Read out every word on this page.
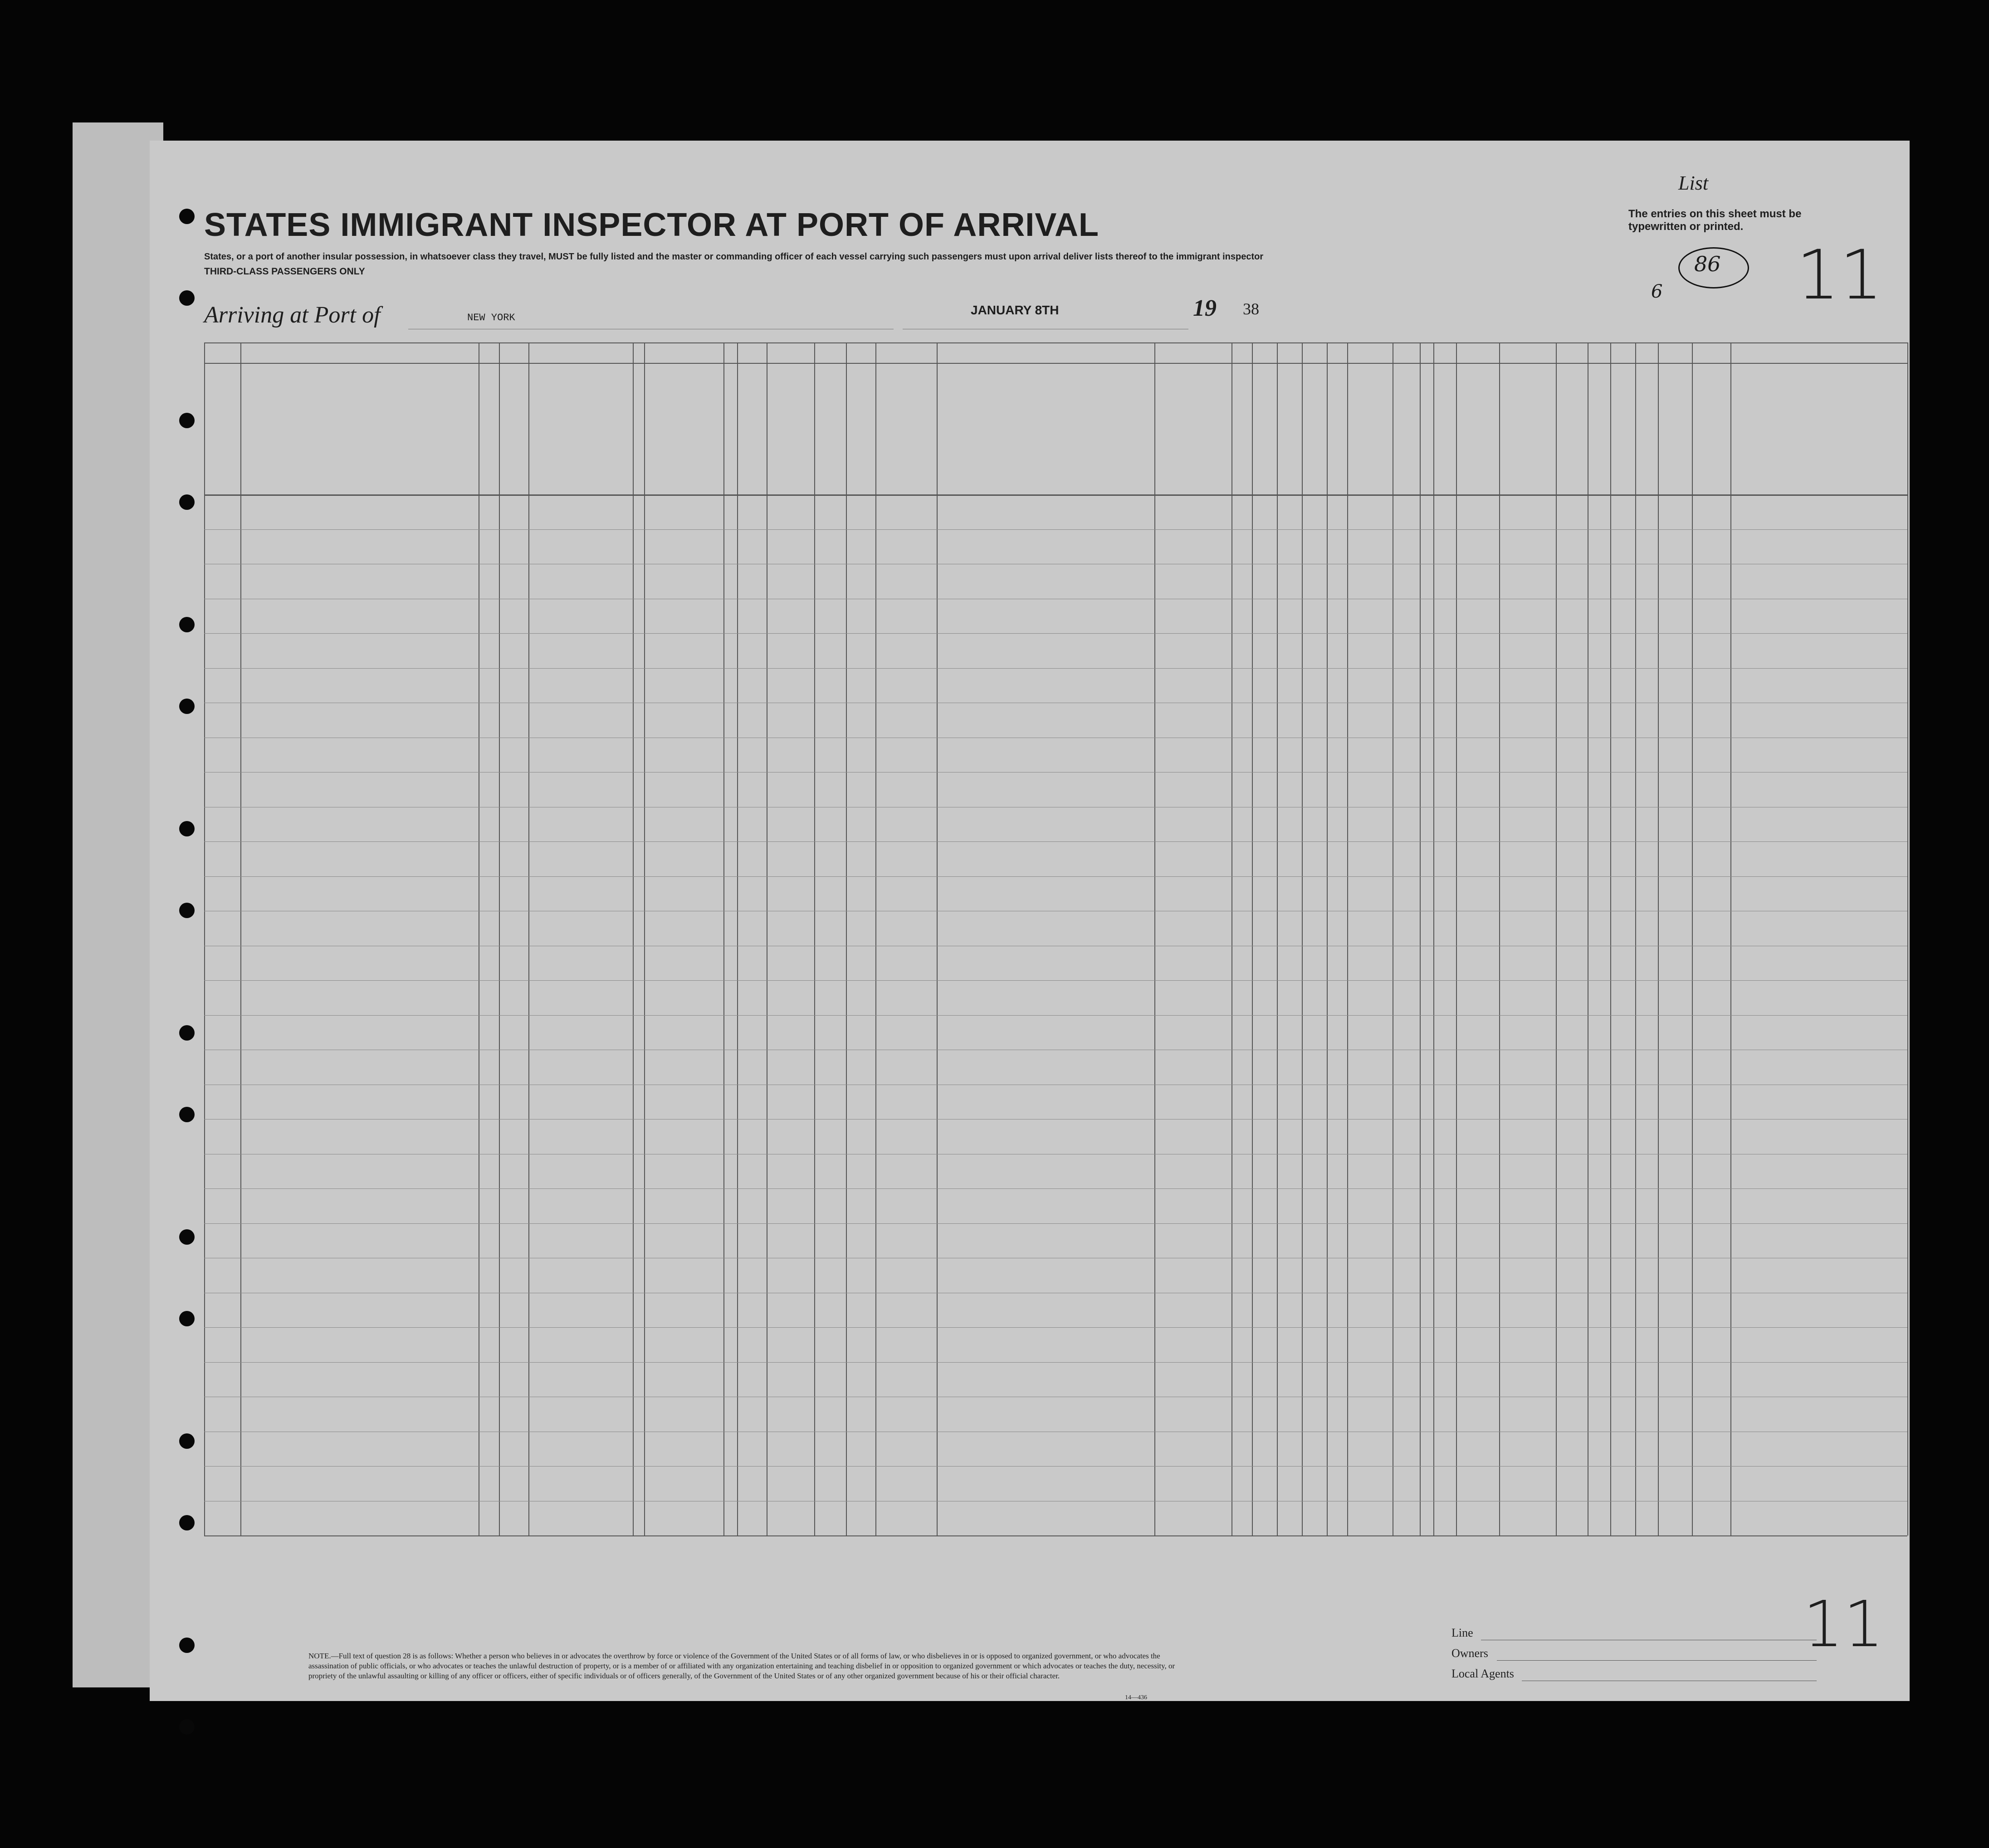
List
The entries on this sheet must be typewritten or printed.
STATES IMMIGRANT INSPECTOR AT PORT OF ARRIVAL
States, or a port of another insular possession, in whatsoever class they travel, MUST be fully listed and the master or commanding officer of each vessel carrying such passengers must upon arrival deliver lists thereof to the immigrant inspector
THIRD-CLASS PASSENGERS ONLY
Arriving at Port of	NEW YORK
JANUARY 8TH	19 38
86
6 11
NOTE.—Full text of question 28 is as follows: Whether a person who believes in or advocates the overthrow by force or violence of the Government of the United States or of all forms of law, or who disbelieves in or is opposed to organized government, or who advocates the assassination of public officials, or who advocates or teaches the unlawful destruction of property, or is a member of or affiliated with any organization entertaining and teaching disbelief in or opposition to organized government or which advocates or teaches the duty, necessity, or propriety of the unlawful assaulting or killing of any officer or officers, either of specific individuals or of officers generally, of the Government of the United States or of any other organized government because of his or their official character.
14—436
Line
Owners
Local Agents
11
